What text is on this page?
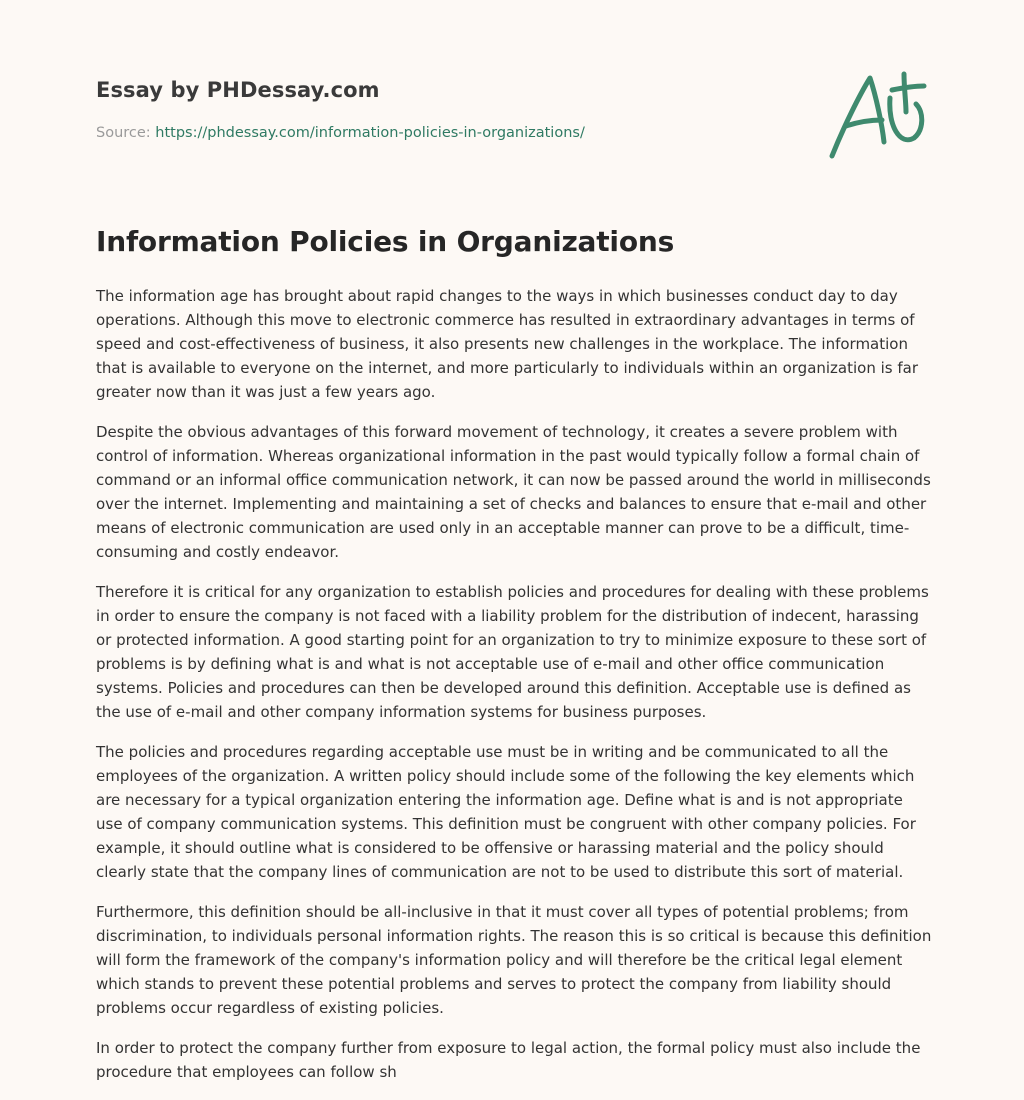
Essay by PHDessay.com
Source: https://phdessay.com/information-policies-in-organizations/
Information Policies in Organizations

The information age has brought about rapid changes to the ways in which businesses conduct day to day operations. Although this move to electronic commerce has resulted in extraordinary advantages in terms of speed and cost-effectiveness of business, it also presents new challenges in the workplace. The information that is available to everyone on the internet, and more particularly to individuals within an organization is far greater now than it was just a few years ago.

Despite the obvious advantages of this forward movement of technology, it creates a severe problem with control of information. Whereas organizational information in the past would typically follow a formal chain of command or an informal office communication network, it can now be passed around the world in milliseconds over the internet. Implementing and maintaining a set of checks and balances to ensure that e-mail and other means of electronic communication are used only in an acceptable manner can prove to be a difficult, time-consuming and costly endeavor.

Therefore it is critical for any organization to establish policies and procedures for dealing with these problems in order to ensure the company is not faced with a liability problem for the distribution of indecent, harassing or protected information. A good starting point for an organization to try to minimize exposure to these sort of problems is by defining what is and what is not acceptable use of e-mail and other office communication systems. Policies and procedures can then be developed around this definition. Acceptable use is defined as the use of e-mail and other company information systems for business purposes.

The policies and procedures regarding acceptable use must be in writing and be communicated to all the employees of the organization. A written policy should include some of the following the key elements which are necessary for a typical organization entering the information age. Define what is and is not appropriate use of company communication systems. This definition must be congruent with other company policies. For example, it should outline what is considered to be offensive or harassing material and the policy should clearly state that the company lines of communication are not to be used to distribute this sort of material.

Furthermore, this definition should be all-inclusive in that it must cover all types of potential problems; from discrimination, to individuals personal information rights. The reason this is so critical is because this definition will form the framework of the company's information policy and will therefore be the critical legal element which stands to prevent these potential problems and serves to protect the company from liability should problems occur regardless of existing policies.

In order to protect the company further from exposure to legal action, the formal policy must also include the procedure that employees can follow sh
